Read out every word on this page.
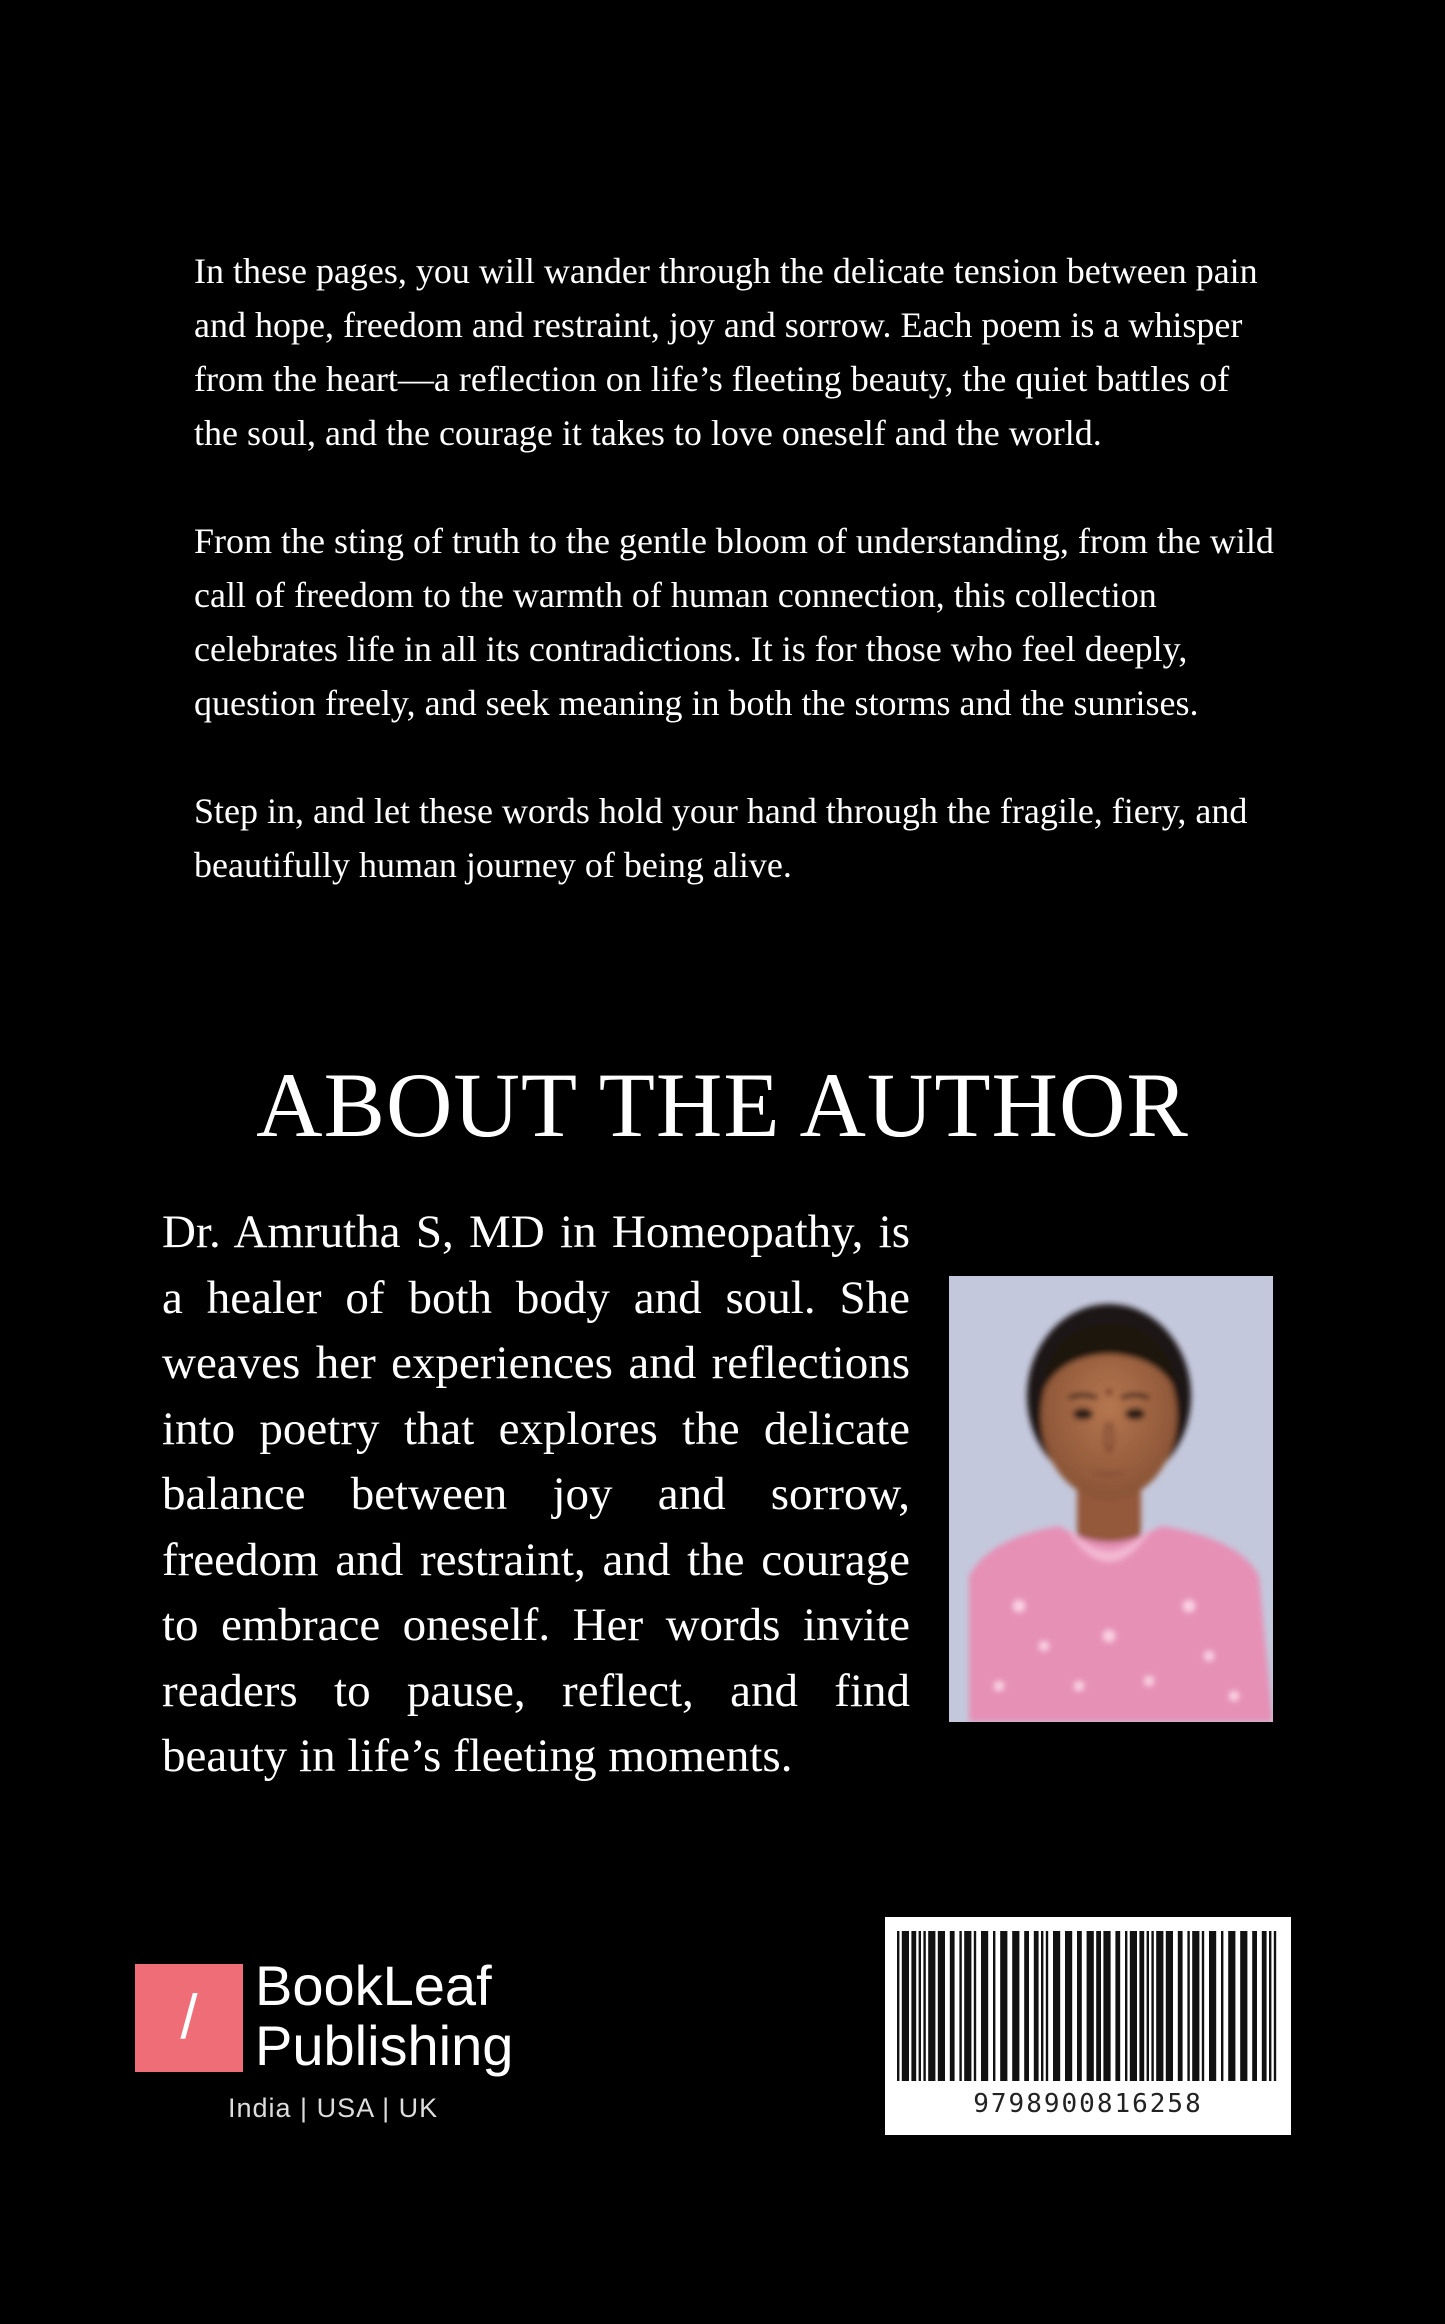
In these pages, you will wander through the delicate tension between pain and hope, freedom and restraint, joy and sorrow. Each poem is a whisper from the heart—a reflection on life’s fleeting beauty, the quiet battles of the soul, and the courage it takes to love oneself and the world.

From the sting of truth to the gentle bloom of understanding, from the wild call of freedom to the warmth of human connection, this collection celebrates life in all its contradictions. It is for those who feel deeply, question freely, and seek meaning in both the storms and the sunrises.

Step in, and let these words hold your hand through the fragile, fiery, and beautifully human journey of being alive.

ABOUT THE AUTHOR

Dr. Amrutha S, MD in Homeopathy, is a healer of both body and soul. She weaves her experiences and reflections into poetry that explores the delicate balance between joy and sorrow, freedom and restraint, and the courage to embrace oneself. Her words invite readers to pause, reflect, and find beauty in life’s fleeting moments.

/	BookLeaf
Publishing
India | USA | UK	9798900816258
